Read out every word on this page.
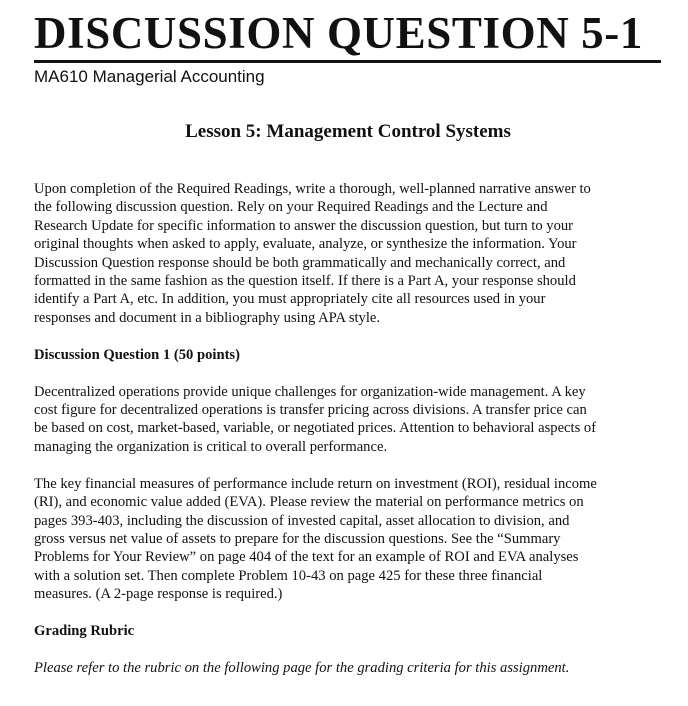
DISCUSSION QUESTION 5-1
MA610 Managerial Accounting
Lesson 5: Management Control Systems
Upon completion of the Required Readings, write a thorough, well-planned narrative answer to
the following discussion question. Rely on your Required Readings and the Lecture and
Research Update for specific information to answer the discussion question, but turn to your
original thoughts when asked to apply, evaluate, analyze, or synthesize the information. Your
Discussion Question response should be both grammatically and mechanically correct, and
formatted in the same fashion as the question itself. If there is a Part A, your response should
identify a Part A, etc. In addition, you must appropriately cite all resources used in your
responses and document in a bibliography using APA style.
Discussion Question 1 (50 points)
Decentralized operations provide unique challenges for organization-wide management. A key
cost figure for decentralized operations is transfer pricing across divisions. A transfer price can
be based on cost, market-based, variable, or negotiated prices. Attention to behavioral aspects of
managing the organization is critical to overall performance.
The key financial measures of performance include return on investment (ROI), residual income
(RI), and economic value added (EVA). Please review the material on performance metrics on
pages 393-403, including the discussion of invested capital, asset allocation to division, and
gross versus net value of assets to prepare for the discussion questions. See the “Summary
Problems for Your Review” on page 404 of the text for an example of ROI and EVA analyses
with a solution set. Then complete Problem 10-43 on page 425 for these three financial
measures. (A 2-page response is required.)
Grading Rubric
Please refer to the rubric on the following page for the grading criteria for this assignment.
